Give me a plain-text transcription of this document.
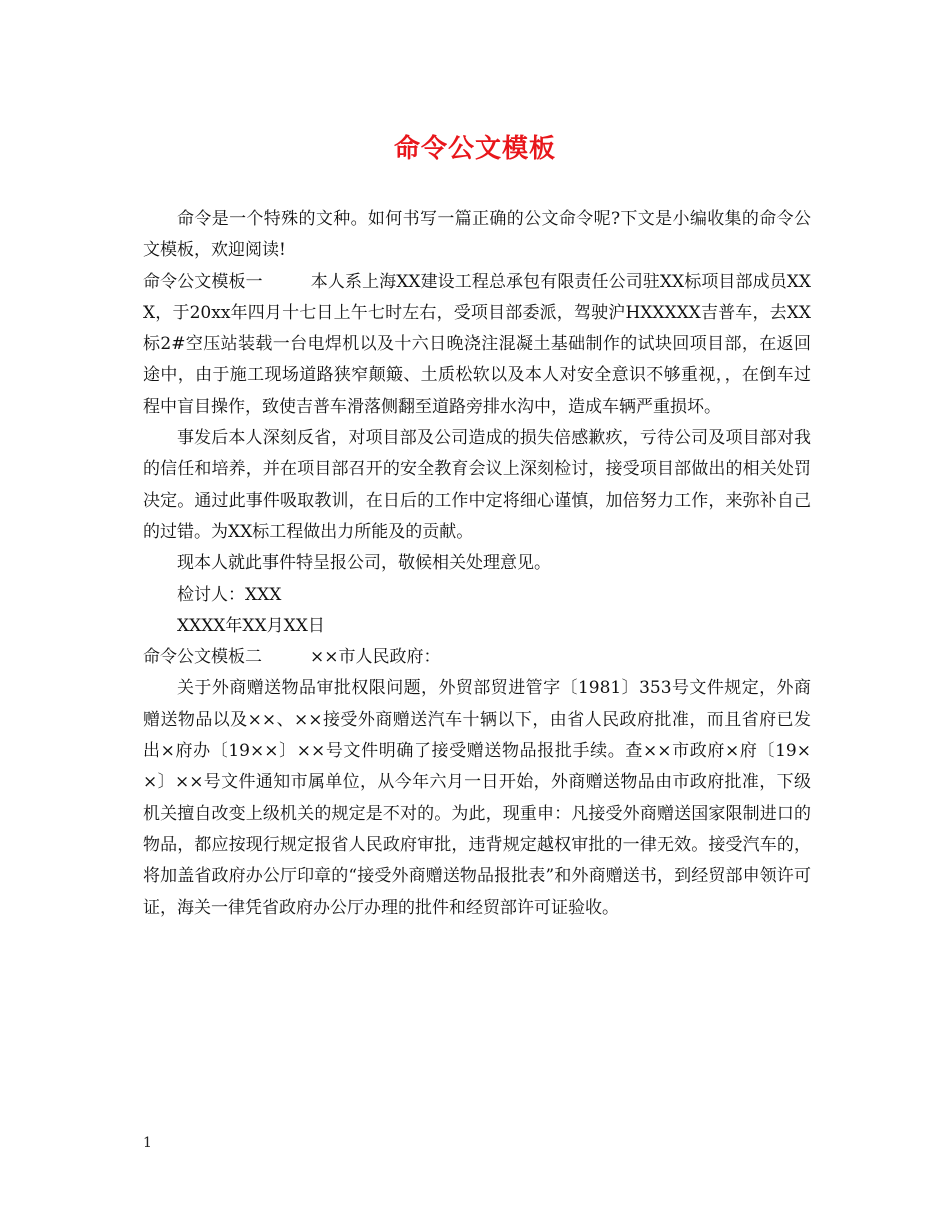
命令公文模板

命令是一个特殊的文种。如何书写一篇正确的公文命令呢?下文是小编收集的命令公文模板，欢迎阅读!

命令公文模板一	本人系上海XX建设工程总承包有限责任公司驻XX标项目部成员XXX，于20xx年四月十七日上午七时左右，受项目部委派，驾驶沪HXXXXX吉普车，去XX标2#空压站装载一台电焊机以及十六日晚浇注混凝土基础制作的试块回项目部，在返回途中，由于施工现场道路狭窄颠簸、土质松软以及本人对安全意识不够重视，，在倒车过程中盲目操作，致使吉普车滑落侧翻至道路旁排水沟中，造成车辆严重损坏。

事发后本人深刻反省，对项目部及公司造成的损失倍感歉疚，亏待公司及项目部对我的信任和培养，并在项目部召开的安全教育会议上深刻检讨，接受项目部做出的相关处罚决定。通过此事件吸取教训，在日后的工作中定将细心谨慎，加倍努力工作，来弥补自己的过错。为XX标工程做出力所能及的贡献。

现本人就此事件特呈报公司，敬候相关处理意见。

检讨人：XXX

XXXX年XX月XX日

命令公文模板二	××市人民政府：

关于外商赠送物品审批权限问题，外贸部贸进管字〔1981〕353号文件规定，外商赠送物品以及××、××接受外商赠送汽车十辆以下，由省人民政府批准，而且省府已发出×府办〔19××〕××号文件明确了接受赠送物品报批手续。查××市政府×府〔19××〕××号文件通知市属单位，从今年六月一日开始，外商赠送物品由市政府批准，下级机关擅自改变上级机关的规定是不对的。为此，现重申：凡接受外商赠送国家限制进口的物品，都应按现行规定报省人民政府审批，违背规定越权审批的一律无效。接受汽车的，将加盖省政府办公厅印章的“接受外商赠送物品报批表”和外商赠送书，到经贸部申领许可证，海关一律凭省政府办公厅办理的批件和经贸部许可证验收。

1
